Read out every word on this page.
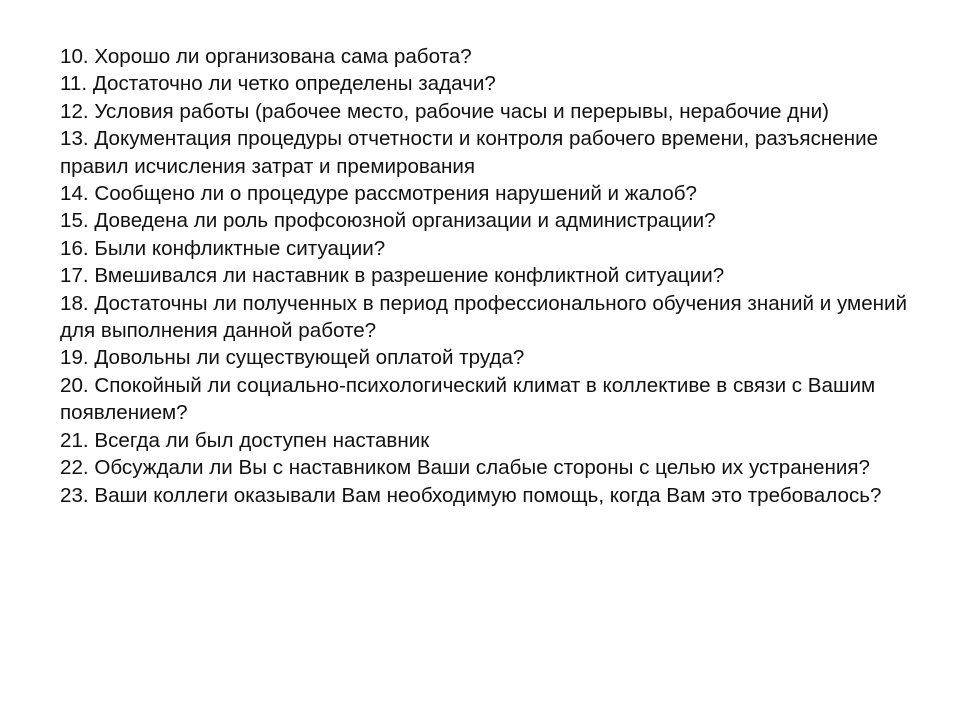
10. Хорошо ли организована сама работа?
11. Достаточно ли четко определены задачи?
12. Условия работы (рабочее место, рабочие часы и перерывы, нерабочие дни)
13. Документация процедуры отчетности и контроля рабочего времени, разъяснение правил исчисления затрат и премирования
14. Сообщено ли о процедуре рассмотрения нарушений и жалоб?
15. Доведена ли роль профсоюзной организации и администрации?
16. Были конфликтные ситуации?
17. Вмешивался ли наставник в разрешение конфликтной ситуации?
18. Достаточны ли полученных в период профессионального обучения знаний и умений для выполнения данной работе?
19. Довольны ли существующей оплатой труда?
20. Спокойный ли социально-психологический климат в коллективе в связи с Вашим появлением?
21. Всегда ли был доступен наставник
22. Обсуждали ли Вы с наставником Ваши слабые стороны с целью их устранения?
23. Ваши коллеги оказывали Вам необходимую помощь, когда Вам это требовалось?
